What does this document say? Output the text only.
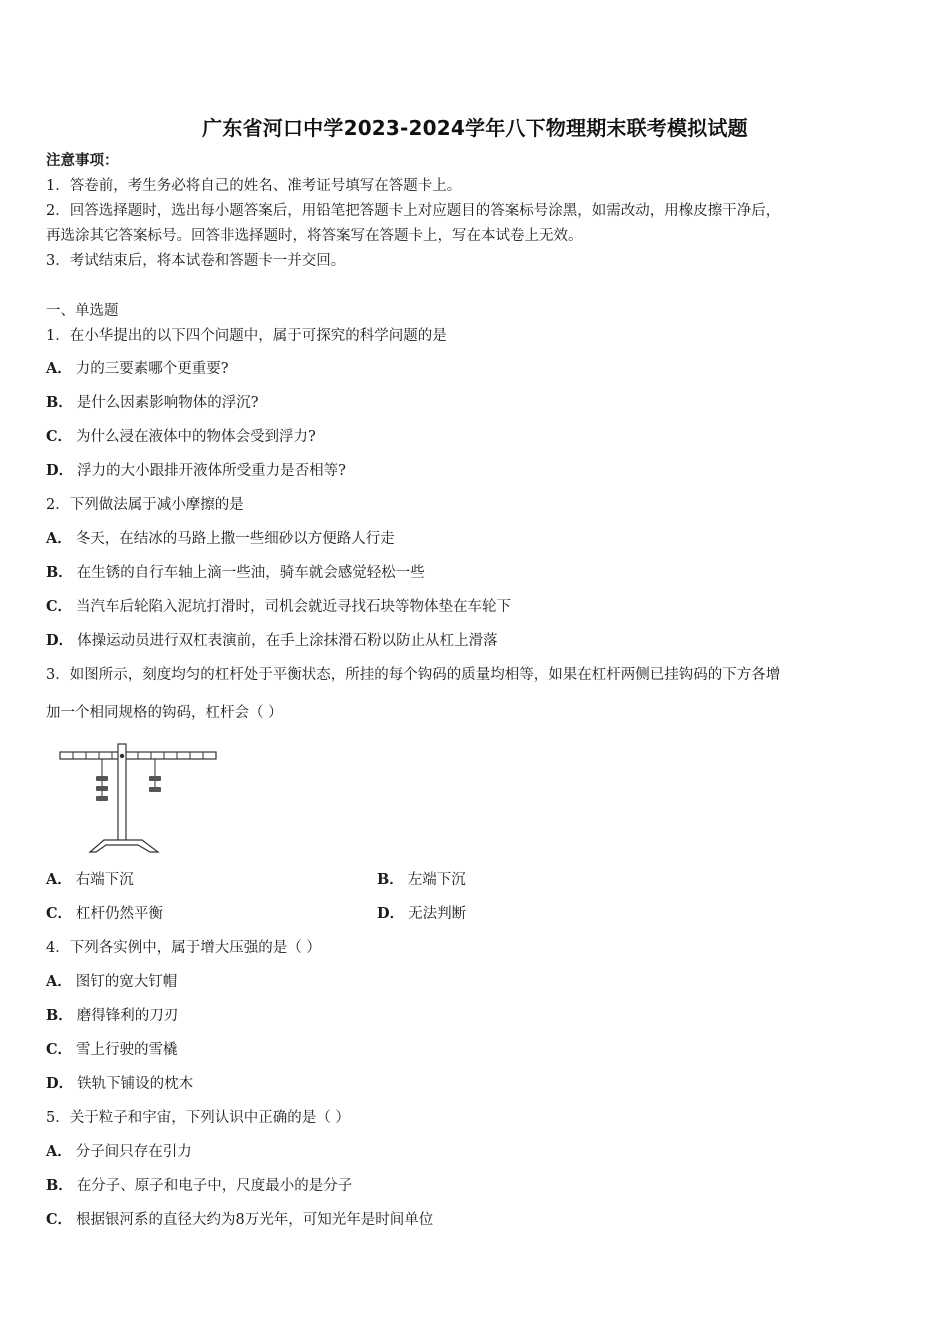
广东省河口中学2023-2024学年八下物理期末联考模拟试题
注意事项：
1．答卷前，考生务必将自己的姓名、准考证号填写在答题卡上。
2．回答选择题时，选出每小题答案后，用铅笔把答题卡上对应题目的答案标号涂黑，如需改动，用橡皮擦干净后，
再选涂其它答案标号。回答非选择题时，将答案写在答题卡上，写在本试卷上无效。
3．考试结束后，将本试卷和答题卡一并交回。
一、单选题
1．在小华提出的以下四个问题中，属于可探究的科学问题的是
A． 力的三要素哪个更重要?
B． 是什么因素影响物体的浮沉?
C． 为什么浸在液体中的物体会受到浮力?
D． 浮力的大小跟排开液体所受重力是否相等?
2．下列做法属于减小摩擦的是
A． 冬天，在结冰的马路上撒一些细砂以方便路人行走
B． 在生锈的自行车轴上滴一些油，骑车就会感觉轻松一些
C． 当汽车后轮陷入泥坑打滑时，司机会就近寻找石块等物体垫在车轮下
D． 体操运动员进行双杠表演前，在手上涂抹滑石粉以防止从杠上滑落
3．如图所示，刻度均匀的杠杆处于平衡状态，所挂的每个钩码的质量均相等，如果在杠杆两侧已挂钩码的下方各增
加一个相同规格的钩码，杠杆会（ ）
A． 右端下沉	B． 左端下沉
C． 杠杆仍然平衡	D． 无法判断
4．下列各实例中，属于增大压强的是（ ）
A． 图钉的宽大钉帽
B． 磨得锋利的刀刃
C． 雪上行驶的雪橇
D． 铁轨下铺设的枕木
5．关于粒子和宇宙，下列认识中正确的是（ ）
A． 分子间只存在引力
B． 在分子、原子和电子中，尺度最小的是分子
C． 根据银河系的直径大约为8万光年，可知光年是时间单位
